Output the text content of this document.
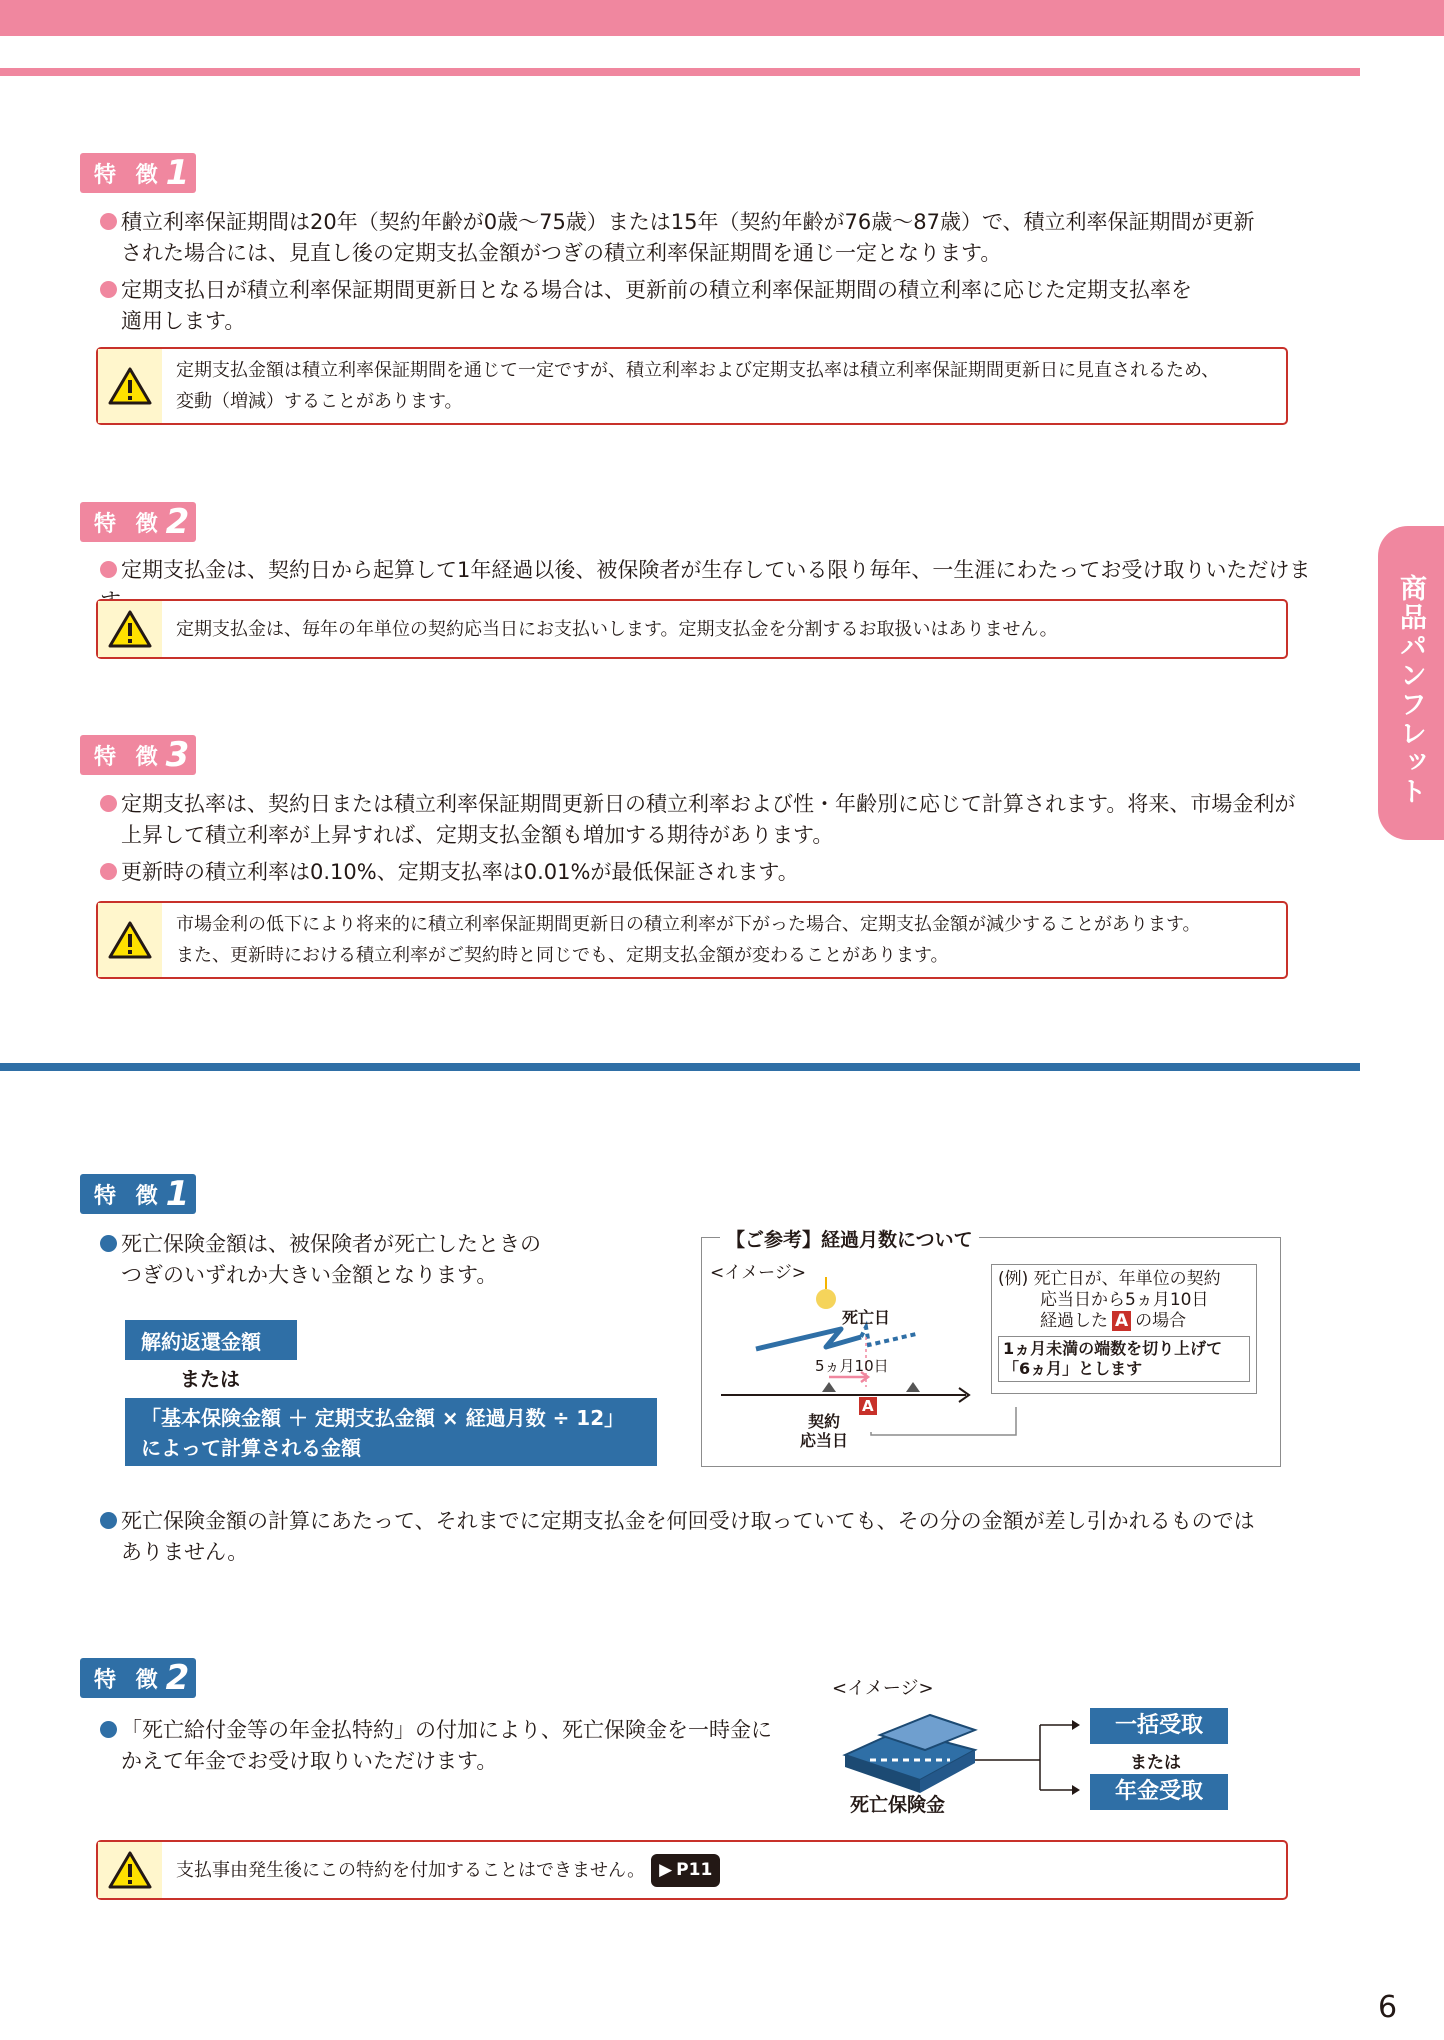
商品パンフレット
特 徴 1
積立利率保証期間は20年（契約年齢が0歳～75歳）または15年（契約年齢が76歳～87歳）で、積立利率保証期間が更新
された場合には、見直し後の定期支払金額がつぎの積立利率保証期間を通じ一定となります。
定期支払日が積立利率保証期間更新日となる場合は、更新前の積立利率保証期間の積立利率に応じた定期支払率を
適用します。
定期支払金額は積立利率保証期間を通じて一定ですが、積立利率および定期支払率は積立利率保証期間更新日に見直されるため、
変動（増減）することがあります。
特 徴 2
定期支払金は、契約日から起算して1年経過以後、被保険者が生存している限り毎年、一生涯にわたってお受け取りいただけま
定期支払金は、毎年の年単位の契約応当日にお支払いします。定期支払金を分割するお取扱いはありません。
特 徴 3
定期支払率は、契約日または積立利率保証期間更新日の積立利率および性・年齢別に応じて計算されます。将来、市場金利が
上昇して積立利率が上昇すれば、定期支払金額も増加する期待があります。
更新時の積立利率は0.10%、定期支払率は0.01%が最低保証されます。
市場金利の低下により将来的に積立利率保証期間更新日の積立利率が下がった場合、定期支払金額が減少することがあります。
また、更新時における積立利率がご契約時と同じでも、定期支払金額が変わることがあります。
特 徴 1
死亡保険金額は、被保険者が死亡したときの
つぎのいずれか大きい金額となります。
解約返還金額
または
「基本保険金額 ＋ 定期支払金額 × 経過月数 ÷ 12」
によって計算される金額
【ご参考】経過月数について
<イメージ>
死亡日
5ヵ月10日
A
契約
応当日
(例) 死亡日が、年単位の契約
応当日から5ヵ月10日
経過した A の場合
1ヵ月未満の端数を切り上げて
「6ヵ月」とします
死亡保険金額の計算にあたって、それまでに定期支払金を何回受け取っていても、その分の金額が差し引かれるものでは
ありません。
特 徴 2
「死亡給付金等の年金払特約」の付加により、死亡保険金を一時金に
かえて年金でお受け取りいただけます。
<イメージ>
死亡保険金
一括受取
または
年金受取
支払事由発生後にこの特約を付加することはできません。 ▶ P11
6
